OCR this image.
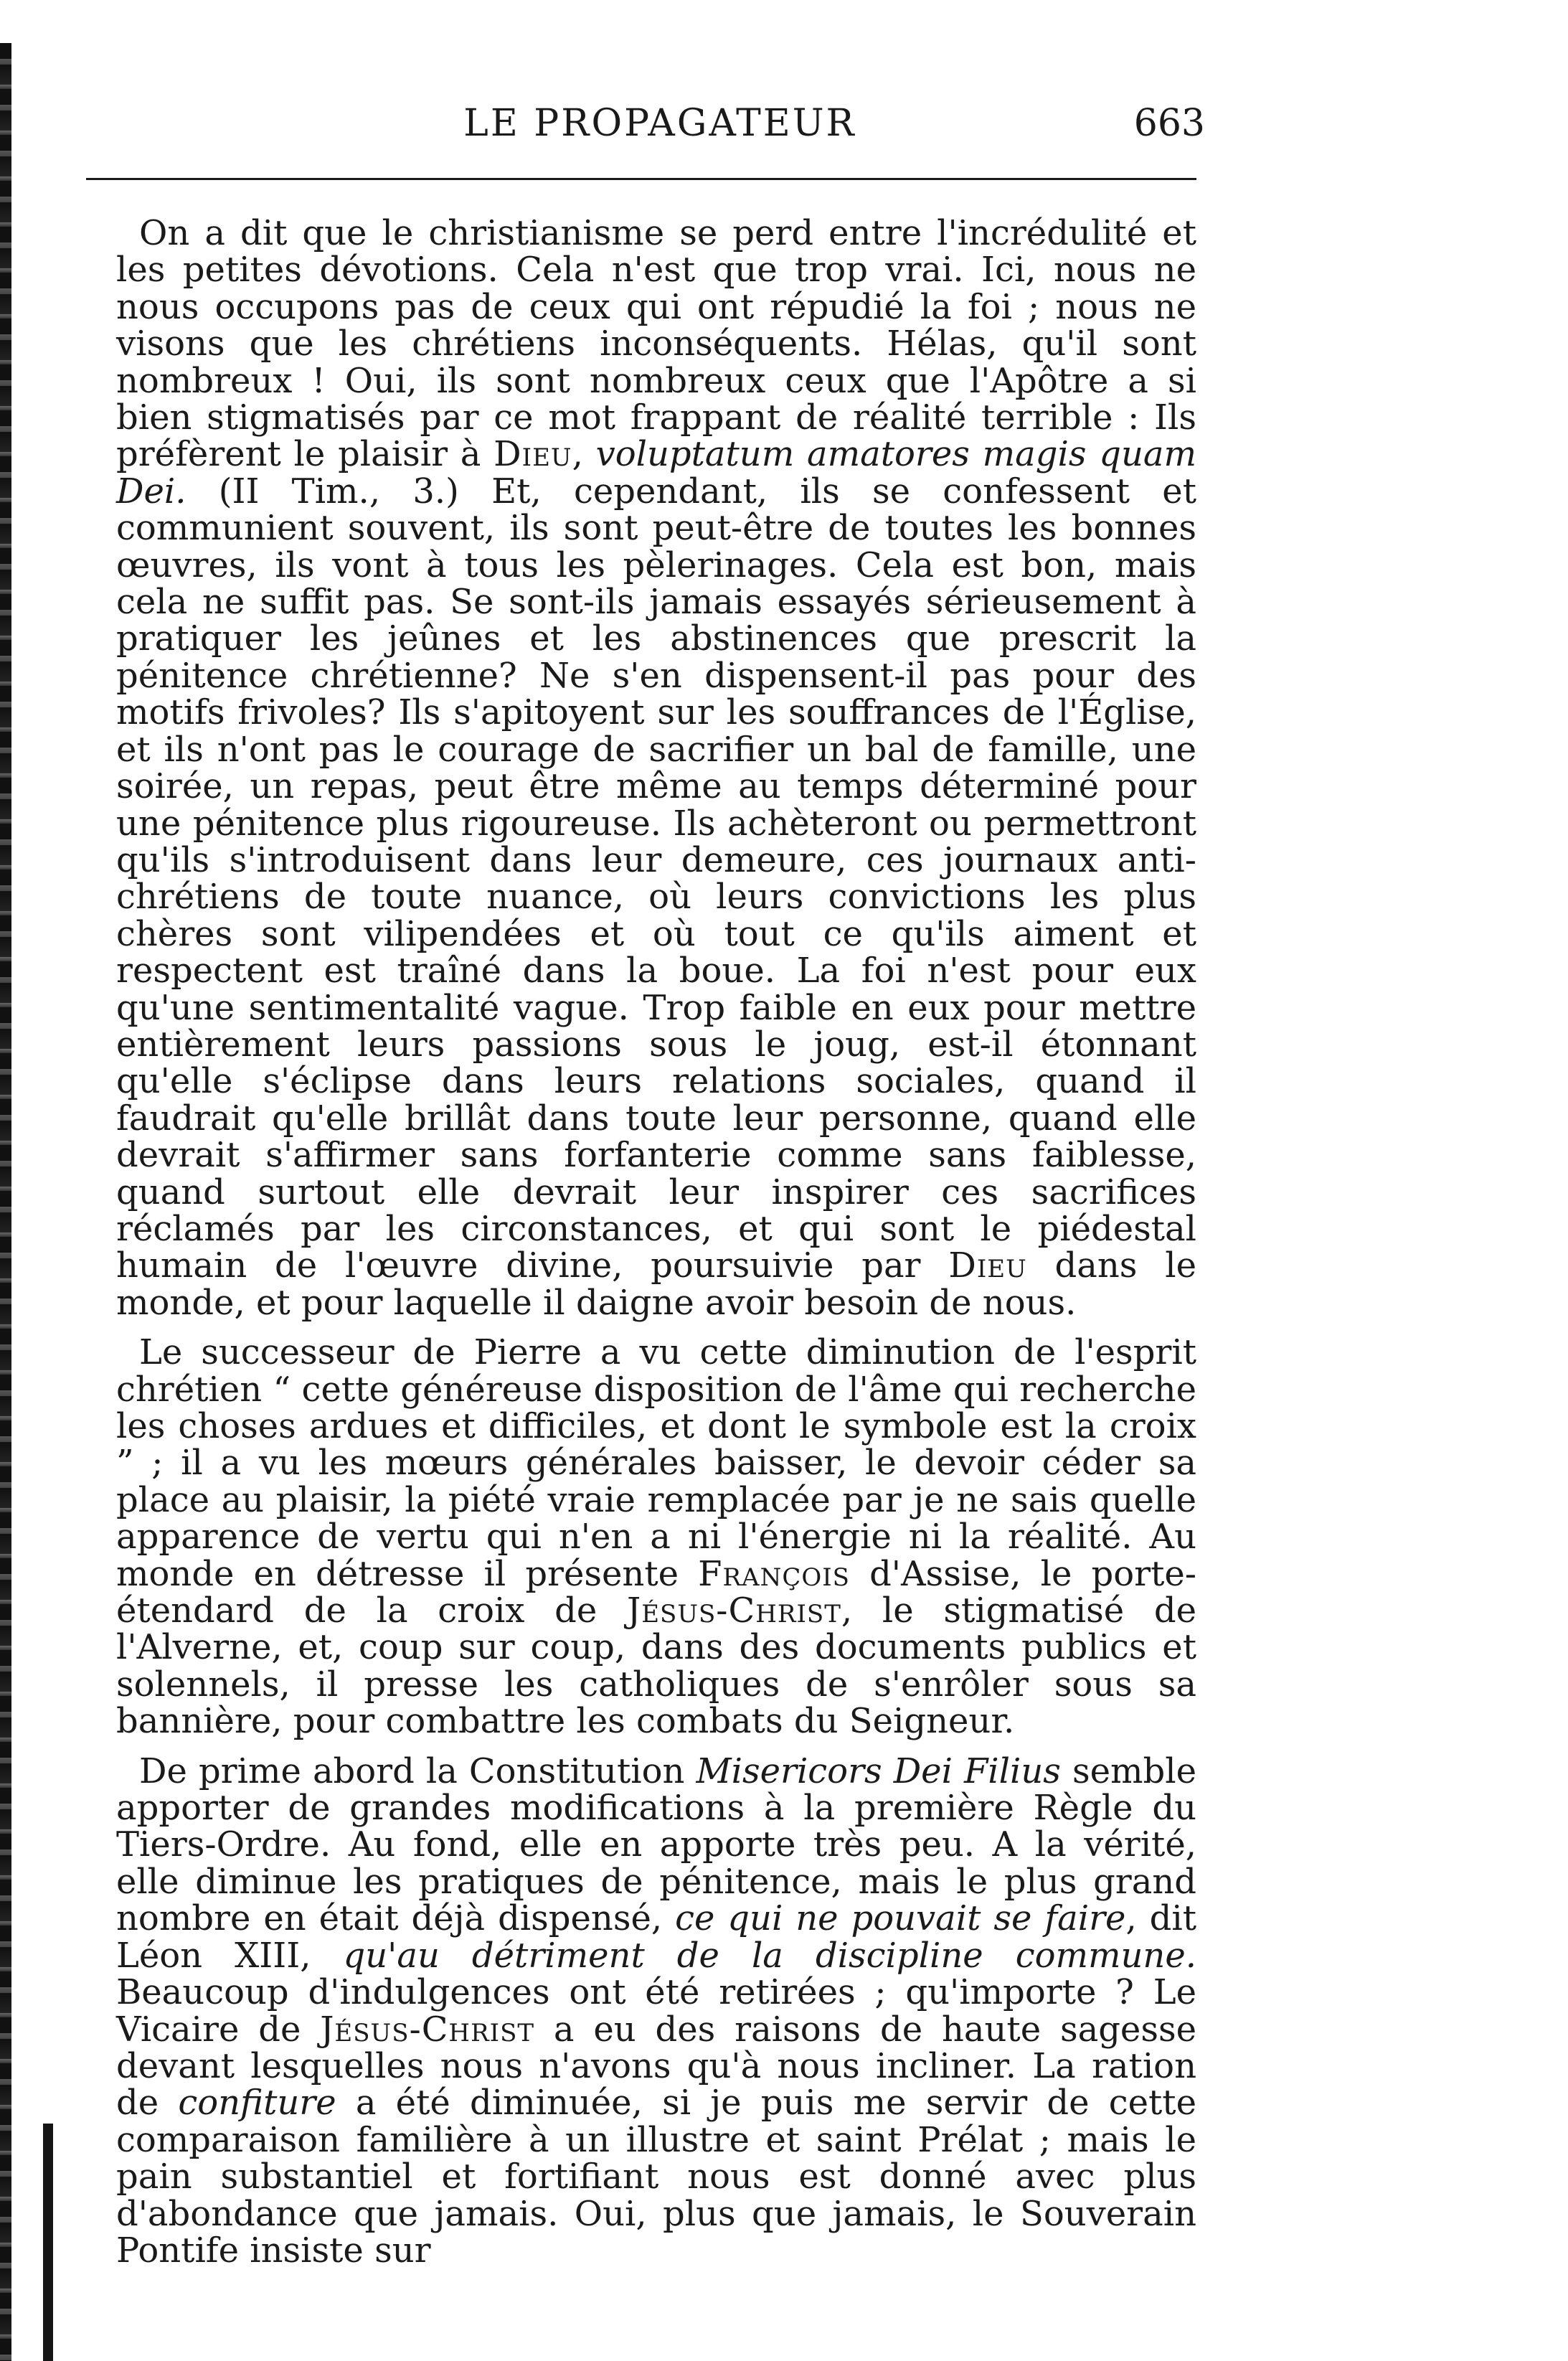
LE PROPAGATEUR	663

On a dit que le christianisme se perd entre l'incrédulité et les petites dévotions. Cela n'est que trop vrai. Ici, nous ne nous occupons pas de ceux qui ont répudié la foi ; nous ne visons que les chrétiens inconséquents. Hélas, qu'il sont nombreux ! Oui, ils sont nombreux ceux que l'Apôtre a si bien stigmatisés par ce mot frappant de réalité terrible : Ils préfèrent le plaisir à Dieu, voluptatum amatores magis quam Dei. (II Tim., 3.) Et, cependant, ils se confessent et communient souvent, ils sont peut-être de toutes les bonnes œuvres, ils vont à tous les pèlerinages. Cela est bon, mais cela ne suffit pas. Se sont-ils jamais essayés sérieusement à pratiquer les jeûnes et les abstinences que prescrit la pénitence chrétienne? Ne s'en dispensent-il pas pour des motifs frivoles? Ils s'apitoyent sur les souffrances de l'Église, et ils n'ont pas le courage de sacrifier un bal de famille, une soirée, un repas, peut être même au temps déterminé pour une pénitence plus rigoureuse. Ils achèteront ou permettront qu'ils s'introduisent dans leur demeure, ces journaux anti-chrétiens de toute nuance, où leurs convictions les plus chères sont vilipendées et où tout ce qu'ils aiment et respectent est traîné dans la boue. La foi n'est pour eux qu'une sentimentalité vague. Trop faible en eux pour mettre entièrement leurs passions sous le joug, est-il étonnant qu'elle s'éclipse dans leurs relations sociales, quand il faudrait qu'elle brillât dans toute leur personne, quand elle devrait s'affirmer sans forfanterie comme sans faiblesse, quand surtout elle devrait leur inspirer ces sacrifices réclamés par les circonstances, et qui sont le piédestal humain de l'œuvre divine, poursuivie par Dieu dans le monde, et pour laquelle il daigne avoir besoin de nous.

Le successeur de Pierre a vu cette diminution de l'esprit chrétien “ cette généreuse disposition de l'âme qui recherche les choses ardues et difficiles, et dont le symbole est la croix ” ; il a vu les mœurs générales baisser, le devoir céder sa place au plaisir, la piété vraie remplacée par je ne sais quelle apparence de vertu qui n'en a ni l'énergie ni la réalité. Au monde en détresse il présente François d'Assise, le porte-étendard de la croix de Jésus-Christ, le stigmatisé de l'Alverne, et, coup sur coup, dans des documents publics et solennels, il presse les catholiques de s'enrôler sous sa bannière, pour combattre les combats du Seigneur.

De prime abord la Constitution Misericors Dei Filius semble apporter de grandes modifications à la première Règle du Tiers-Ordre. Au fond, elle en apporte très peu. A la vérité, elle diminue les pratiques de pénitence, mais le plus grand nombre en était déjà dispensé, ce qui ne pouvait se faire, dit Léon XIII, qu'au détriment de la discipline commune. Beaucoup d'indulgences ont été retirées ; qu'importe ? Le Vicaire de Jésus-Christ a eu des raisons de haute sagesse devant lesquelles nous n'avons qu'à nous incliner. La ration de confiture a été diminuée, si je puis me servir de cette comparaison familière à un illustre et saint Prélat ; mais le pain substantiel et fortifiant nous est donné avec plus d'abondance que jamais. Oui, plus que jamais, le Souverain Pontife insiste sur
